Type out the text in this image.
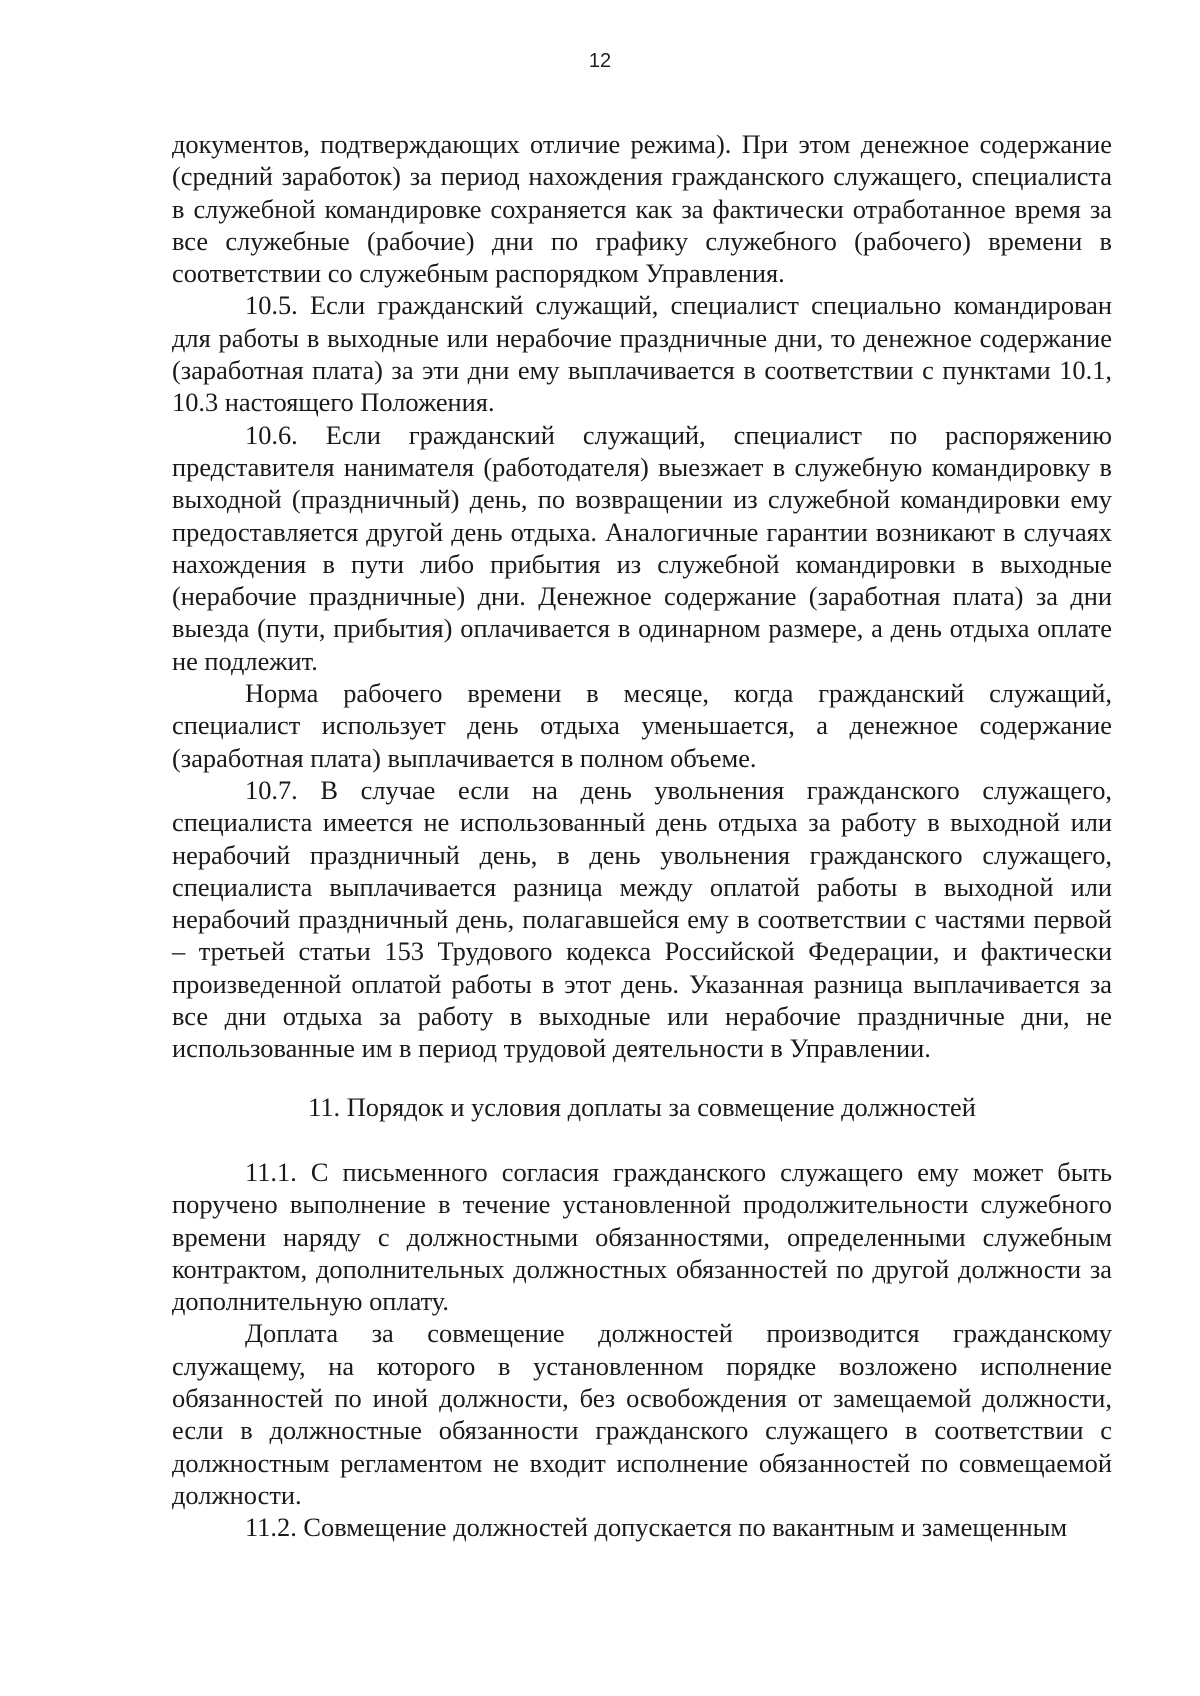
12

документов, подтверждающих отличие режима). При этом денежное содержание (средний заработок) за период нахождения гражданского служащего, специалиста в служебной командировке сохраняется как за фактически отработанное время за все служебные (рабочие) дни по графику служебного (рабочего) времени в соответствии со служебным распорядком Управления.

10.5. Если гражданский служащий, специалист специально командирован для работы в выходные или нерабочие праздничные дни, то денежное содержание (заработная плата) за эти дни ему выплачивается в соответствии с пунктами 10.1, 10.3 настоящего Положения.

10.6. Если гражданский служащий, специалист по распоряжению представителя нанимателя (работодателя) выезжает в служебную командировку в выходной (праздничный) день, по возвращении из служебной командировки ему предоставляется другой день отдыха. Аналогичные гарантии возникают в случаях нахождения в пути либо прибытия из служебной командировки в выходные (нерабочие праздничные) дни. Денежное содержание (заработная плата) за дни выезда (пути, прибытия) оплачивается в одинарном размере, а день отдыха оплате не подлежит.

Норма рабочего времени в месяце, когда гражданский служащий, специалист использует день отдыха уменьшается, а денежное содержание (заработная плата) выплачивается в полном объеме.

10.7. В случае если на день увольнения гражданского служащего, специалиста имеется не использованный день отдыха за работу в выходной или нерабочий праздничный день, в день увольнения гражданского служащего, специалиста выплачивается разница между оплатой работы в выходной или нерабочий праздничный день, полагавшейся ему в соответствии с частями первой – третьей статьи 153 Трудового кодекса Российской Федерации, и фактически произведенной оплатой работы в этот день. Указанная разница выплачивается за все дни отдыха за работу в выходные или нерабочие праздничные дни, не использованные им в период трудовой деятельности в Управлении.

11. Порядок и условия доплаты за совмещение должностей

11.1. С письменного согласия гражданского служащего ему может быть поручено выполнение в течение установленной продолжительности служебного времени наряду с должностными обязанностями, определенными служебным контрактом, дополнительных должностных обязанностей по другой должности за дополнительную оплату.

Доплата за совмещение должностей производится гражданскому служащему, на которого в установленном порядке возложено исполнение обязанностей по иной должности, без освобождения от замещаемой должности, если в должностные обязанности гражданского служащего в соответствии с должностным регламентом не входит исполнение обязанностей по совмещаемой должности.

11.2. Совмещение должностей допускается по вакантным и замещенным
